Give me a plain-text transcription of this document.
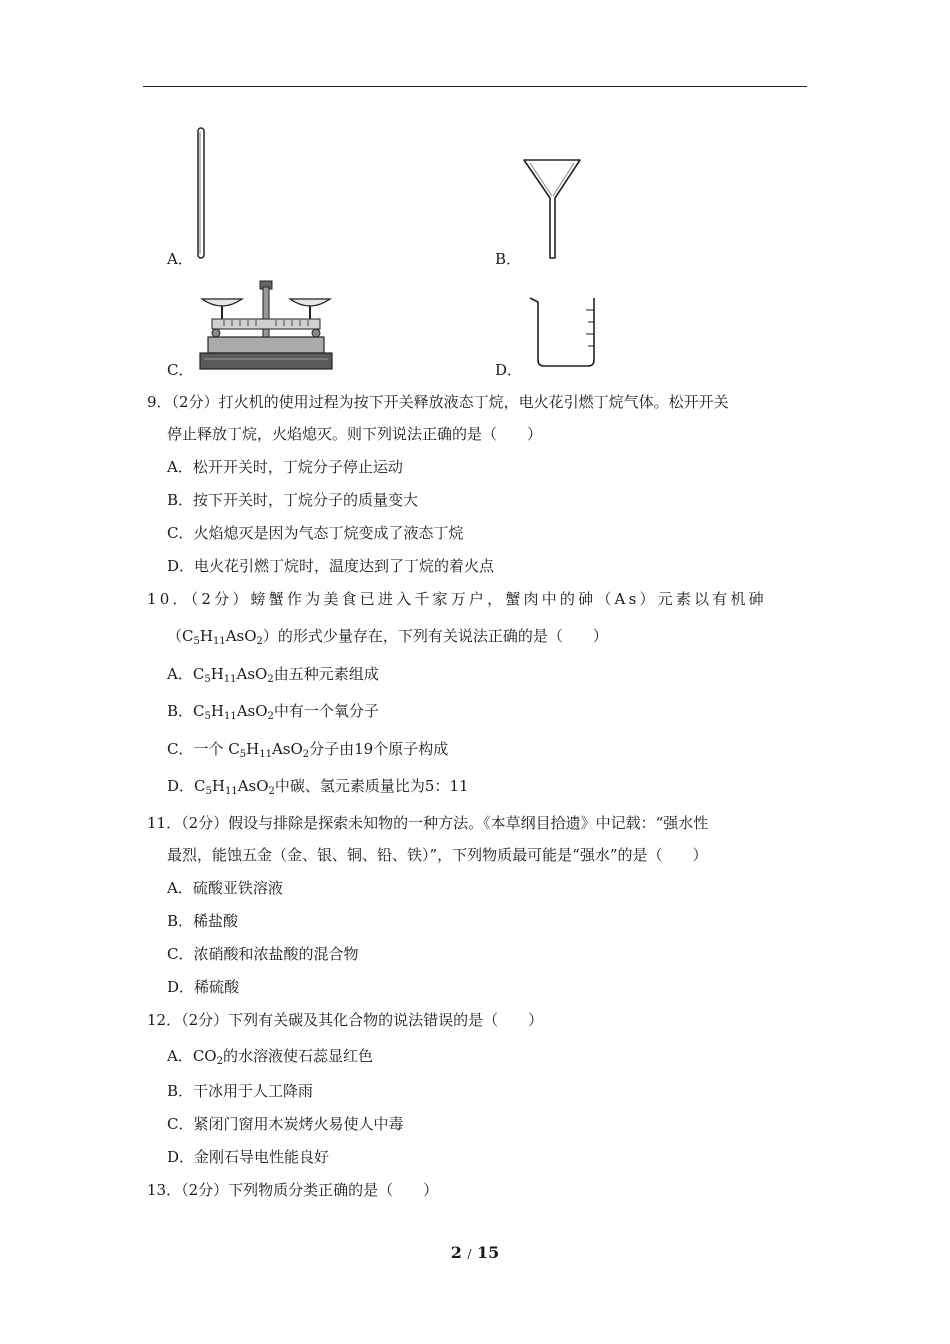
A．	B．
C．	D．
9．（2分）打火机的使用过程为按下开关释放液态丁烷，电火花引燃丁烷气体。松开开关
停止释放丁烷，火焰熄灭。则下列说法正确的是（　　）
A．松开开关时，丁烷分子停止运动
B．按下开关时，丁烷分子的质量变大
C．火焰熄灭是因为气态丁烷变成了液态丁烷
D．电火花引燃丁烷时，温度达到了丁烷的着火点
10．（2分）螃蟹作为美食已进入千家万户，蟹肉中的砷（As）元素以有机砷
$(C_5H_{11}AsO_2)$的形式少量存在，下列有关说法正确的是（　　）
A．$C_5H_{11}AsO_2$由五种元素组成
B．$C_5H_{11}AsO_2$中有一个氧分子
C．一个 $C_5H_{11}AsO_2$分子由19个原子构成
D．$C_5H_{11}AsO_2$中碳、氢元素质量比为5：11
11．（2分）假设与排除是探索未知物的一种方法。《本草纲目拾遗》中记载：“强水性
最烈，能蚀五金（金、银、铜、铅、铁）”，下列物质最可能是“强水”的是（　　）
A．硫酸亚铁溶液
B．稀盐酸
C．浓硝酸和浓盐酸的混合物
D．稀硫酸
12．（2分）下列有关碳及其化合物的说法错误的是（　　）
A．$CO_2$的水溶液使石蕊显红色
B．干冰用于人工降雨
C．紧闭门窗用木炭烤火易使人中毒
D．金刚石导电性能良好
13．（2分）下列物质分类正确的是（　　）
2 / 15
